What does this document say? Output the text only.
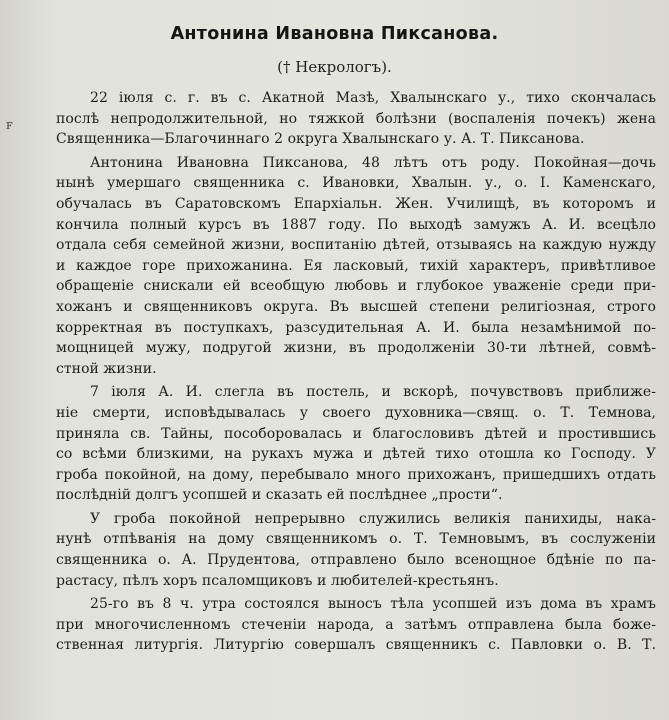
ꜰ
Антонина Ивановна Пиксанова.
(† Некрологъ).
22 іюля с. г. въ с. Акатной Мазѣ, Хвалынскаго у., тихо скончалась
послѣ непродолжительной, но тяжкой болѣзни (воспаленія почекъ) жена
Священника—Благочиннаго 2 округа Хвалынскаго у. А. Т. Пиксанова.
Антонина Ивановна Пиксанова, 48 лѣтъ отъ роду. Покойная—дочь
нынѣ умершаго священника с. Ивановки, Хвалын. у., о. І. Каменскаго,
обучалась въ Саратовскомъ Епархіальн. Жен. Училищѣ, въ которомъ и
кончила полный курсъ въ 1887 году. По выходѣ замужъ А. И. всецѣло
отдала себя семейной жизни, воспитанію дѣтей, отзываясь на каждую нужду
и каждое горе прихожанина. Ея ласковый, тихій характеръ, привѣтливое
обращеніе снискали ей всеобщую любовь и глубокое уваженіе среди при-
хожанъ и священниковъ округа. Въ высшей степени религіозная, строго
корректная въ поступкахъ, разсудительная А. И. была незамѣнимой по-
мощницей мужу, подругой жизни, въ продолженіи 30-ти лѣтней, совмѣ-
стной жизни.
7 іюля А. И. слегла въ постель, и вскорѣ, почувствовъ приближе-
ніе смерти, исповѣдывалась у своего духовника—свящ. о. Т. Темнова,
приняла св. Тайны, пособоровалась и благословивъ дѣтей и простившись
со всѣми близкими, на рукахъ мужа и дѣтей тихо отошла ко Господу. У
гроба покойной, на дому, перебывало много прихожанъ, пришедшихъ отдать
послѣдній долгъ усопшей и сказать ей послѣднее „прости“.
У гроба покойной непрерывно служились великія панихиды, нака-
нунѣ отпѣванія на дому священникомъ о. Т. Темновымъ, въ сослуженіи
священника о. А. Прудентова, отправлено было всенощное бдѣніе по па-
растасу, пѣлъ хоръ псаломщиковъ и любителей-крестьянъ.
25-го въ 8 ч. утра состоялся выносъ тѣла усопшей изъ дома въ храмъ
при многочисленномъ стеченіи народа, а затѣмъ отправлена была боже-
ственная литургія. Литургію совершалъ священникъ с. Павловки о. В. Т.
